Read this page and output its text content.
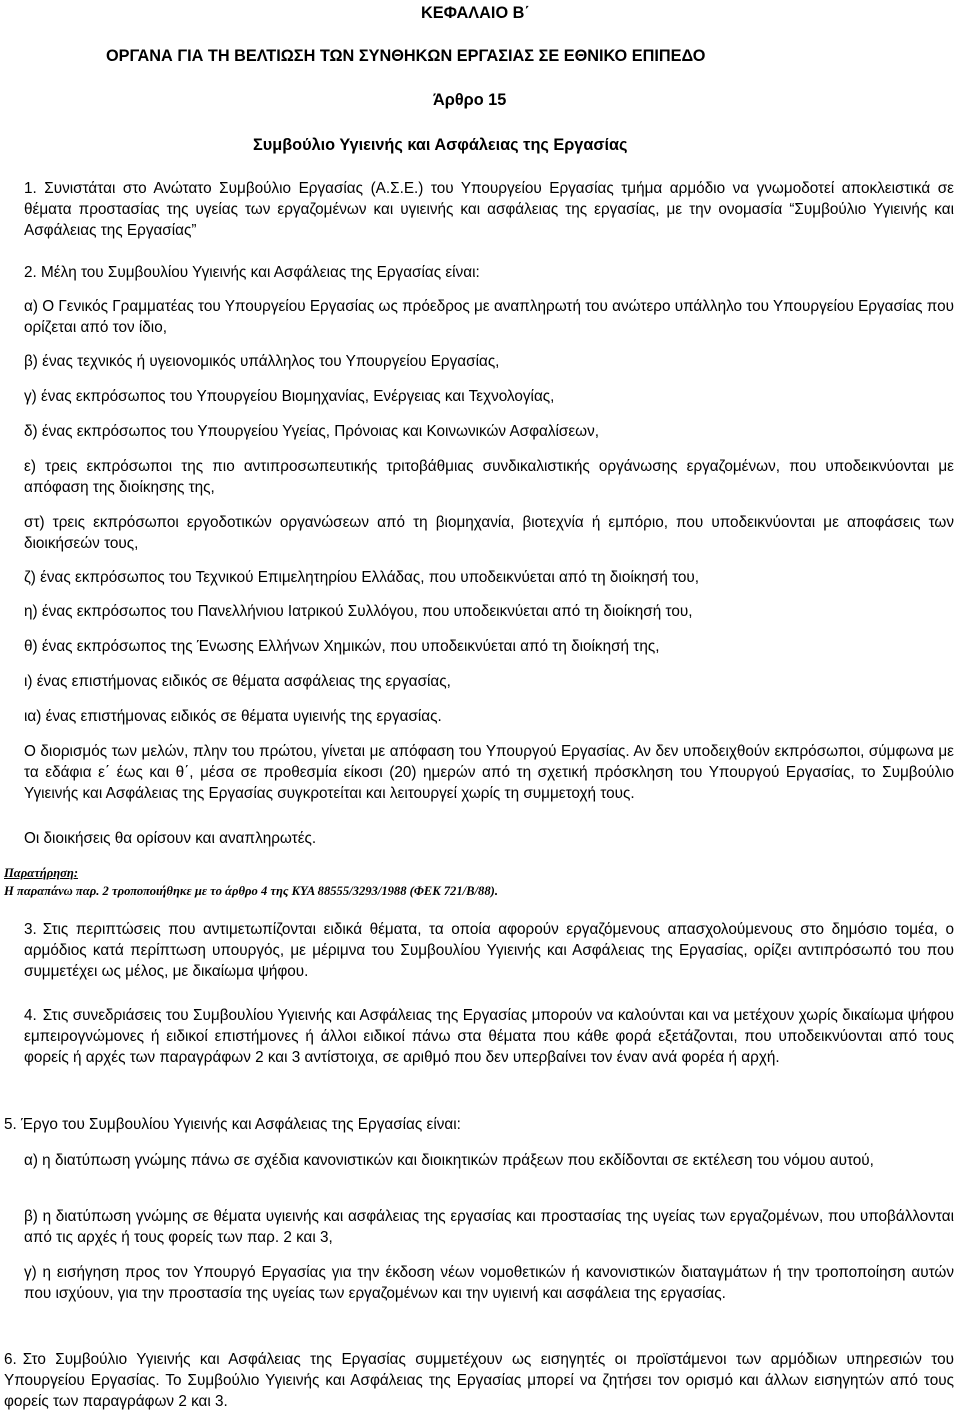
ΚΕΦΑΛΑΙΟ Β΄
ΟΡΓΑΝΑ ΓΙΑ ΤΗ ΒΕΛΤΙΩΣΗ ΤΩΝ ΣΥΝΘΗΚΩΝ ΕΡΓΑΣΙΑΣ ΣΕ ΕΘΝΙΚΟ ΕΠΙΠΕΔΟ
Άρθρο 15
Συμβούλιο Υγιεινής και Ασφάλειας της Εργασίας
1. Συνιστάται στο Ανώτατο Συμβούλιο Εργασίας (Α.Σ.Ε.) του Υπουργείου Εργασίας τμήμα αρμόδιο να γνωμοδοτεί αποκλειστικά σε θέματα προστασίας της υγείας των εργαζομένων και υγιεινής και ασφάλειας της εργασίας, με την ονομασία “Συμβούλιο Υγιεινής και Ασφάλειας της Εργασίας”
2. Μέλη του Συμβουλίου Υγιεινής και Ασφάλειας της Εργασίας είναι:
α) Ο Γενικός Γραμματέας του Υπουργείου Εργασίας ως πρόεδρος με αναπληρωτή του ανώτερο υπάλληλο του Υπουργείου Εργασίας που ορίζεται από τον ίδιο,
β) ένας τεχνικός ή υγειονομικός υπάλληλος του Υπουργείου Εργασίας,
γ) ένας εκπρόσωπος του Υπουργείου Βιομηχανίας, Ενέργειας και Τεχνολογίας,
δ) ένας εκπρόσωπος του Υπουργείου Υγείας, Πρόνοιας και Κοινωνικών Ασφαλίσεων,
ε) τρεις εκπρόσωποι της πιο αντιπροσωπευτικής τριτοβάθμιας συνδικαλιστικής οργάνωσης εργαζομένων, που υποδεικνύονται με απόφαση της διοίκησης της,
στ) τρεις εκπρόσωποι εργοδοτικών οργανώσεων από τη βιομηχανία, βιοτεχνία ή εμπόριο, που υποδεικνύονται με αποφάσεις των διοικήσεών τους,
ζ) ένας εκπρόσωπος του Τεχνικού Επιμελητηρίου Ελλάδας, που υποδεικνύεται από τη διοίκησή του,
η) ένας εκπρόσωπος του Πανελλήνιου Ιατρικού Συλλόγου, που υποδεικνύεται από τη διοίκησή του,
θ) ένας εκπρόσωπος της Ένωσης Ελλήνων Χημικών, που υποδεικνύεται από τη διοίκησή της,
ι) ένας επιστήμονας ειδικός σε θέματα ασφάλειας της εργασίας,
ια) ένας επιστήμονας ειδικός σε θέματα υγιεινής της εργασίας.
Ο διορισμός των μελών, πλην του πρώτου, γίνεται με απόφαση του Υπουργού Εργασίας. Αν δεν υποδειχθούν εκπρόσωποι, σύμφωνα με τα εδάφια ε΄ έως και θ΄, μέσα σε προθεσμία είκοσι (20) ημερών από τη σχετική πρόσκληση του Υπουργού Εργασίας, το Συμβούλιο Υγιεινής και Ασφάλειας της Εργασίας συγκροτείται και λειτουργεί χωρίς τη συμμετοχή τους.
Οι διοικήσεις θα ορίσουν και αναπληρωτές.
Παρατήρηση:
Η παραπάνω παρ. 2 τροποποιήθηκε με το άρθρο 4 της ΚΥΑ 88555/3293/1988 (ΦΕΚ 721/Β/88).
3. Στις περιπτώσεις που αντιμετωπίζονται ειδικά θέματα, τα οποία αφορούν εργαζόμενους απασχολούμενους στο δημόσιο τομέα, ο αρμόδιος κατά περίπτωση υπουργός, με μέριμνα του Συμβουλίου Υγιεινής και Ασφάλειας της Εργασίας, ορίζει αντιπρόσωπό του που συμμετέχει ως μέλος, με δικαίωμα ψήφου.
4. Στις συνεδριάσεις του Συμβουλίου Υγιεινής και Ασφάλειας της Εργασίας μπορούν να καλούνται και να μετέχουν χωρίς δικαίωμα ψήφου εμπειρογνώμονες ή ειδικοί επιστήμονες ή άλλοι ειδικοί πάνω στα θέματα που κάθε φορά εξετάζονται, που υποδεικνύονται από τους φορείς ή αρχές των παραγράφων 2 και 3 αντίστοιχα, σε αριθμό που δεν υπερβαίνει τον έναν ανά φορέα ή αρχή.
5. Έργο του Συμβουλίου Υγιεινής και Ασφάλειας της Εργασίας είναι:
α) η διατύπωση γνώμης πάνω σε σχέδια κανονιστικών και διοικητικών πράξεων που εκδίδονται σε εκτέλεση του νόμου αυτού,
β) η διατύπωση γνώμης σε θέματα υγιεινής και ασφάλειας της εργασίας και προστασίας της υγείας των εργαζομένων, που υποβάλλονται από τις αρχές ή τους φορείς των παρ. 2 και 3,
γ) η εισήγηση προς τον Υπουργό Εργασίας για την έκδοση νέων νομοθετικών ή κανονιστικών διαταγμάτων ή την τροποποίηση αυτών που ισχύουν, για την προστασία της υγείας των εργαζομένων και την υγιεινή και ασφάλεια της εργασίας.
6. Στο Συμβούλιο Υγιεινής και Ασφάλειας της Εργασίας συμμετέχουν ως εισηγητές οι προϊστάμενοι των αρμόδιων υπηρεσιών του Υπουργείου Εργασίας. Το Συμβούλιο Υγιεινής και Ασφάλειας της Εργασίας μπορεί να ζητήσει τον ορισμό και άλλων εισηγητών από τους φορείς των παραγράφων 2 και 3.
